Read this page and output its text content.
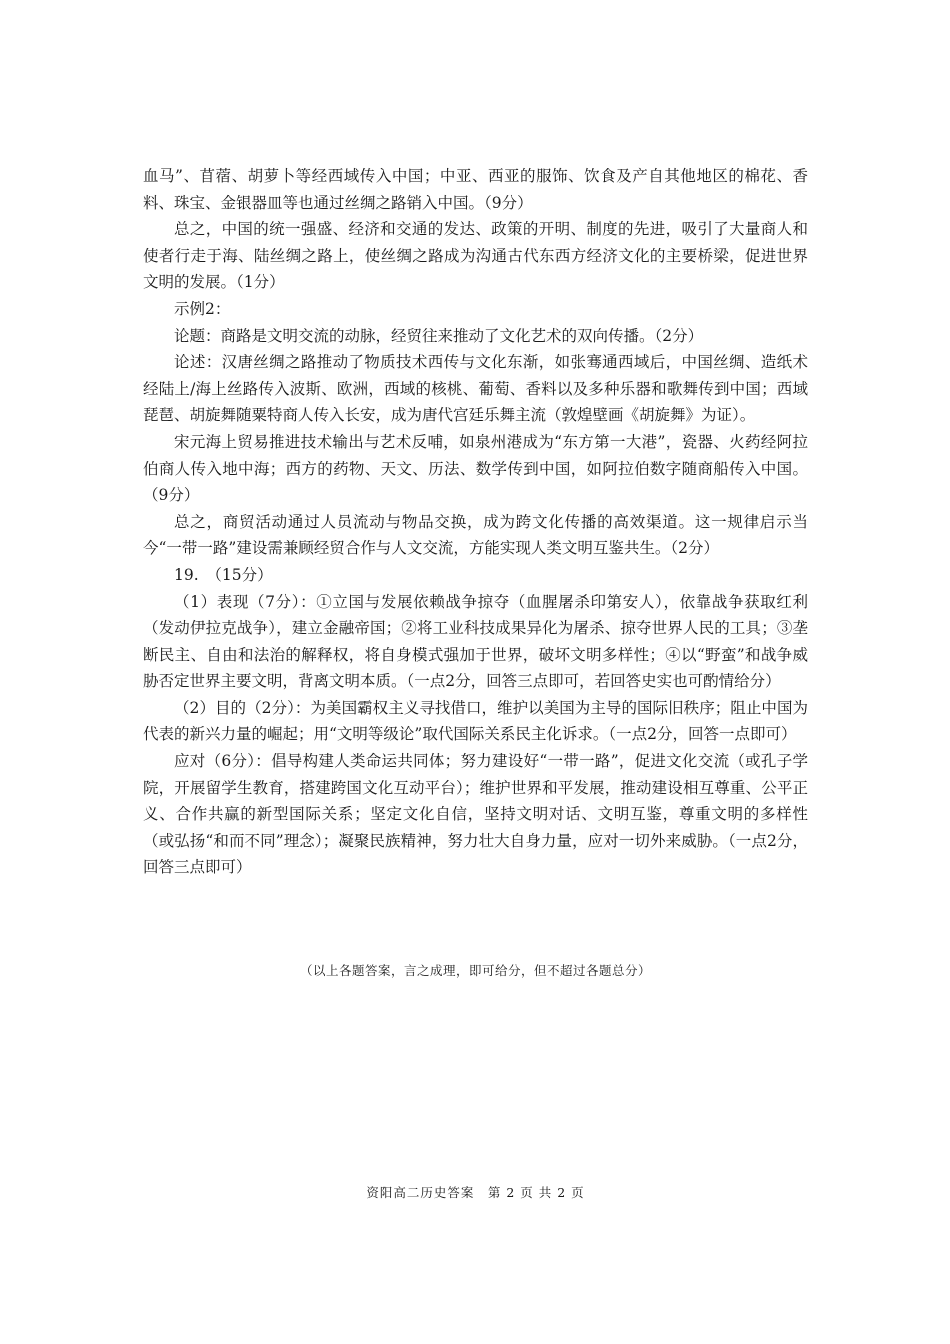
血马”、苜蓿、胡萝卜等经西域传入中国；中亚、西亚的服饰、饮食及产自其他地区的棉花、香料、珠宝、金银器皿等也通过丝绸之路销入中国。（9分）

总之，中国的统一强盛、经济和交通的发达、政策的开明、制度的先进，吸引了大量商人和使者行走于海、陆丝绸之路上，使丝绸之路成为沟通古代东西方经济文化的主要桥梁，促进世界文明的发展。（1分）

示例2：

论题：商路是文明交流的动脉，经贸往来推动了文化艺术的双向传播。（2分）

论述：汉唐丝绸之路推动了物质技术西传与文化东渐，如张骞通西域后，中国丝绸、造纸术经陆上/海上丝路传入波斯、欧洲，西域的核桃、葡萄、香料以及多种乐器和歌舞传到中国；西域琵琶、胡旋舞随粟特商人传入长安，成为唐代宫廷乐舞主流（敦煌壁画《胡旋舞》为证）。

宋元海上贸易推进技术输出与艺术反哺，如泉州港成为“东方第一大港”，瓷器、火药经阿拉伯商人传入地中海；西方的药物、天文、历法、数学传到中国，如阿拉伯数字随商船传入中国。（9分）

总之，商贸活动通过人员流动与物品交换，成为跨文化传播的高效渠道。这一规律启示当今“一带一路”建设需兼顾经贸合作与人文交流，方能实现人类文明互鉴共生。（2分）

19.　（15分）

（1）表现（7分）：①立国与发展依赖战争掠夺（血腥屠杀印第安人），依靠战争获取红利（发动伊拉克战争），建立金融帝国；②将工业科技成果异化为屠杀、掠夺世界人民的工具；③垄断民主、自由和法治的解释权，将自身模式强加于世界，破坏文明多样性；④以“野蛮”和战争威胁否定世界主要文明，背离文明本质。（一点2分，回答三点即可，若回答史实也可酌情给分）

（2）目的（2分）：为美国霸权主义寻找借口，维护以美国为主导的国际旧秩序；阻止中国为代表的新兴力量的崛起；用“文明等级论”取代国际关系民主化诉求。（一点2分，回答一点即可）

应对（6分）：倡导构建人类命运共同体；努力建设好“一带一路”，促进文化交流（或孔子学院，开展留学生教育，搭建跨国文化互动平台）；维护世界和平发展，推动建设相互尊重、公平正义、合作共赢的新型国际关系；坚定文化自信，坚持文明对话、文明互鉴，尊重文明的多样性（或弘扬“和而不同”理念）；凝聚民族精神，努力壮大自身力量，应对一切外来威胁。（一点2分，回答三点即可）

（以上各题答案，言之成理，即可给分，但不超过各题总分）
资阳高二历史答案　第 2 页 共 2 页
